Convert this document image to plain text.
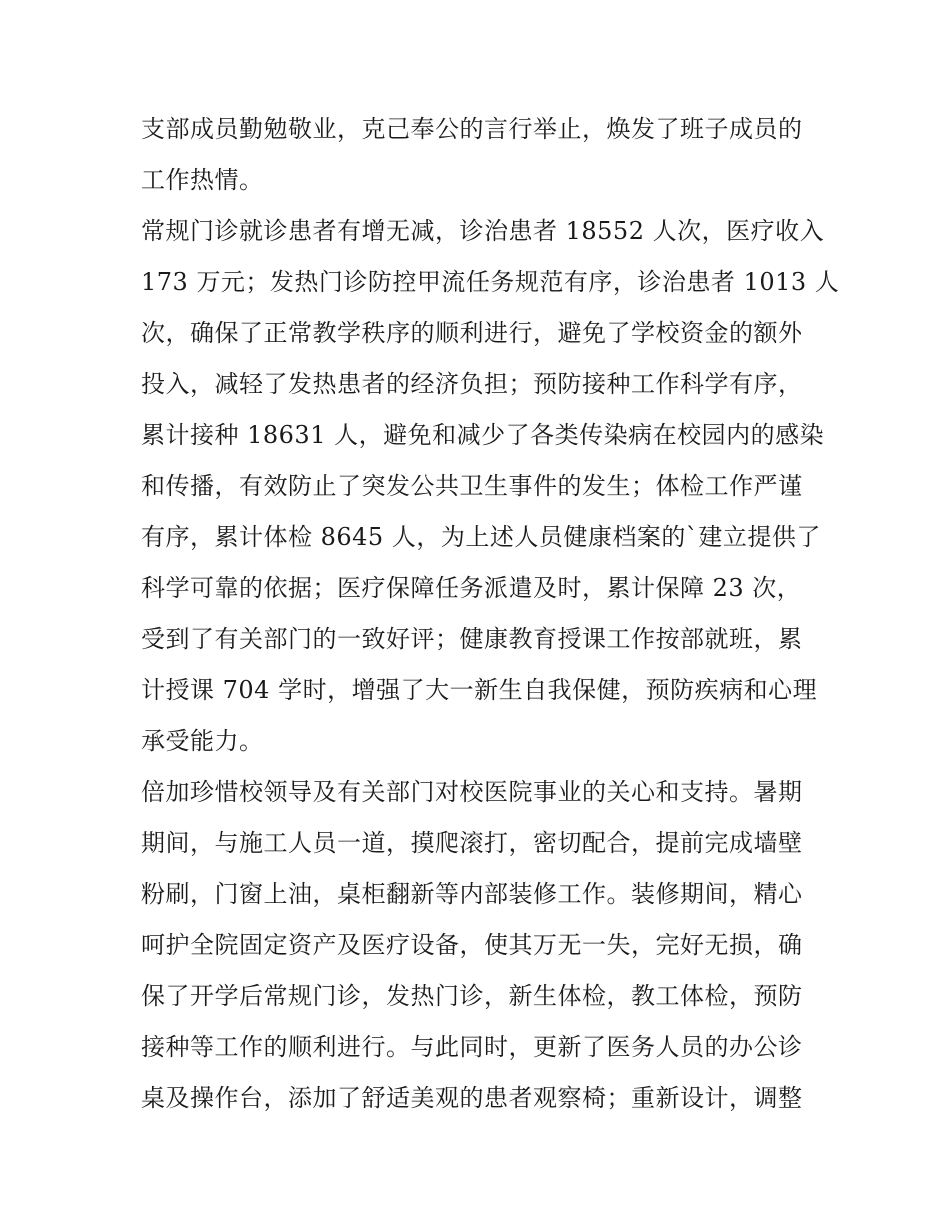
支部成员勤勉敬业，克己奉公的言行举止，焕发了班子成员的
工作热情。
常规门诊就诊患者有增无减，诊治患者 18552 人次，医疗收入
173 万元；发热门诊防控甲流任务规范有序，诊治患者 1013 人
次，确保了正常教学秩序的顺利进行，避免了学校资金的额外
投入，减轻了发热患者的经济负担；预防接种工作科学有序，
累计接种 18631 人，避免和减少了各类传染病在校园内的感染
和传播，有效防止了突发公共卫生事件的发生；体检工作严谨
有序，累计体检 8645 人，为上述人员健康档案的`建立提供了
科学可靠的依据；医疗保障任务派遣及时，累计保障 23 次，
受到了有关部门的一致好评；健康教育授课工作按部就班，累
计授课 704 学时，增强了大一新生自我保健，预防疾病和心理
承受能力。
倍加珍惜校领导及有关部门对校医院事业的关心和支持。暑期
期间，与施工人员一道，摸爬滚打，密切配合，提前完成墙壁
粉刷，门窗上油，桌柜翻新等内部装修工作。装修期间，精心
呵护全院固定资产及医疗设备，使其万无一失，完好无损，确
保了开学后常规门诊，发热门诊，新生体检，教工体检，预防
接种等工作的顺利进行。与此同时，更新了医务人员的办公诊
桌及操作台，添加了舒适美观的患者观察椅；重新设计，调整
